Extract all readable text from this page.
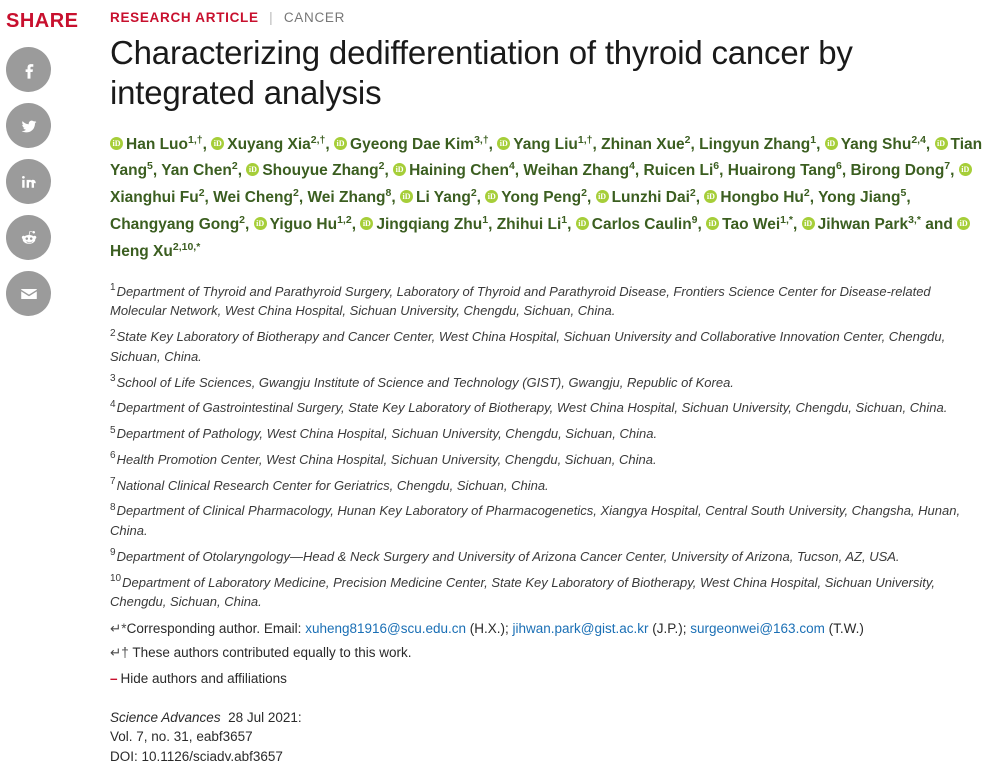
SHARE	RESEARCH ARTICLE | CANCER
Characterizing dedifferentiation of thyroid cancer by integrated analysis
iDHan Luo$^{1,\dagger}$, iDXuyang Xia$^{2,\dagger}$, iDGyeong Dae Kim$^{3,\dagger}$, iDYang Liu$^{1,\dagger}$, Zhinan Xue$^2$, Lingyun Zhang$^1$, iDYang Shu$^{2,4}$, iDTian Yang$^5$, Yan Chen$^2$, iDShouyue Zhang$^2$, iDHaining Chen$^4$, Weihan Zhang$^4$, Ruicen Li$^6$, Huairong Tang$^6$, Birong Dong$^7$, iDXianghui Fu$^2$, Wei Cheng$^2$, Wei Zhang$^8$, iDLi Yang$^2$, iDYong Peng$^2$, iDLunzhi Dai$^2$, iDHongbo Hu$^2$, Yong Jiang$^5$, Changyang Gong$^2$, iDYiguo Hu$^{1,2}$, iDJingqiang Zhu$^1$, Zhihui Li$^1$, iDCarlos Caulin$^9$, iDTao Wei$^{1,*}$, iDJihwan Park$^{3,*}$ and iDHeng $Xu^{2,10,*}$
$^1$Department of Thyroid and Parathyroid Surgery, Laboratory of Thyroid and Parathyroid Disease, Frontiers Science Center for Disease-related Molecular Network, West China Hospital, Sichuan University, Chengdu, Sichuan, China.
$^2$State Key Laboratory of Biotherapy and Cancer Center, West China Hospital, Sichuan University and Collaborative Innovation Center, Chengdu, Sichuan, China.
$^3$School of Life Sciences, Gwangju Institute of Science and Technology (GIST), Gwangju, Republic of Korea.
$^4$Department of Gastrointestinal Surgery, State Key Laboratory of Biotherapy, West China Hospital, Sichuan University, Chengdu, Sichuan, China.
$^5$Department of Pathology, West China Hospital, Sichuan University, Chengdu, Sichuan, China.
$^6$Health Promotion Center, West China Hospital, Sichuan University, Chengdu, Sichuan, China.
$^7$National Clinical Research Center for Geriatrics, Chengdu, Sichuan, China.
$^8$Department of Clinical Pharmacology, Hunan Key Laboratory of Pharmacogenetics, Xiangya Hospital, Central South University, Changsha, Hunan, China.
$^9$Department of Otolaryngology—Head & Neck Surgery and University of Arizona Cancer Center, University of Arizona, Tucson, AZ, USA.
$^{10}$Department of Laboratory Medicine, Precision Medicine Center, State Key Laboratory of Biotherapy, West China Hospital, Sichuan University, Chengdu, Sichuan, China.
↵*Corresponding author. Email: xuheng81916@scu.edu.cn (H.X.); jihwan.park@gist.ac.kr (J.P.); surgeonwei@163.com (T.W.)
↵† These authors contributed equally to this work.
– Hide authors and affiliations
Science Advances 28 Jul 2021:
Vol. 7, no. 31, eabf3657
DOI: 10.1126/sciadv.abf3657
